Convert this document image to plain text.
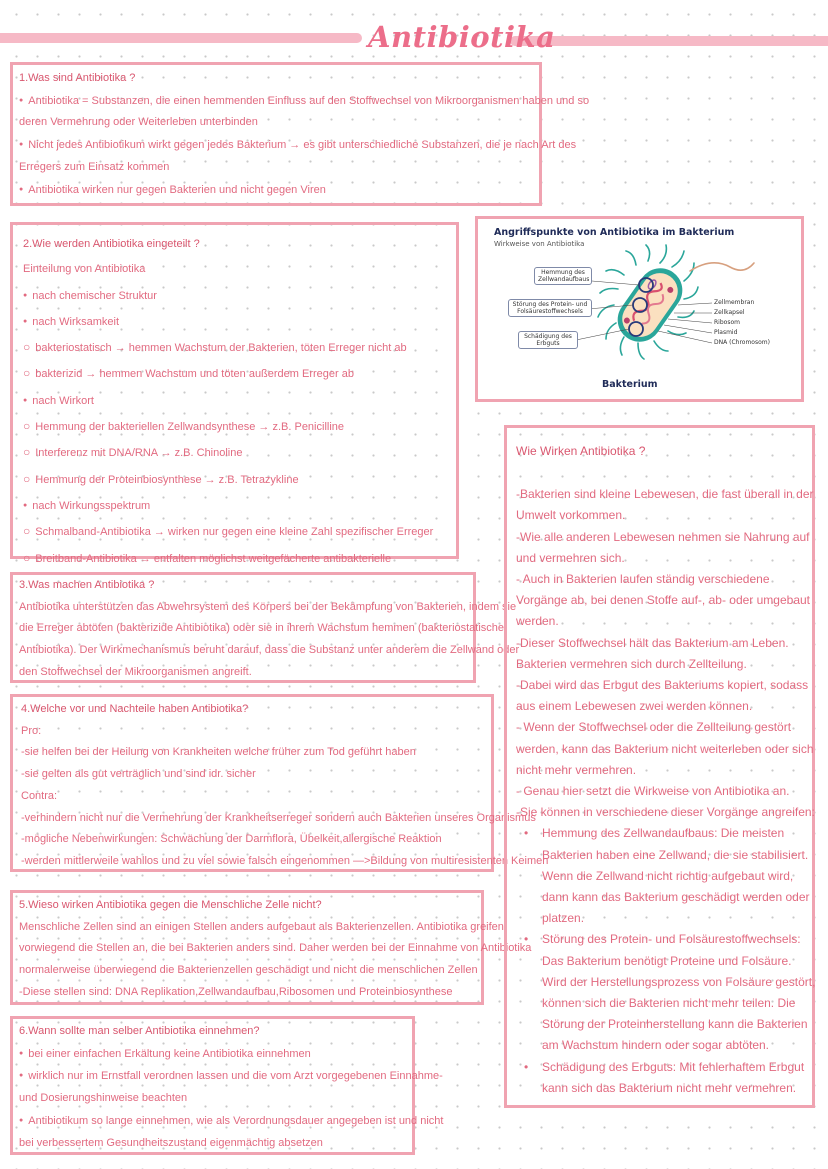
Antibiotika

1.Was sind Antibiotika ?

● Antibiotika = Substanzen, die einen hemmenden Einfluss auf den Stoffwechsel von Mikroorganismen haben und so

deren Vermehrung oder Weiterleben unterbinden

● Nicht jedes Antibiotikum wirkt gegen jedes Bakterium → es gibt unterschiedliche Substanzen, die je nach Art des

Erregers zum Einsatz kommen

● Antibiotika wirken nur gegen Bakterien und nicht gegen Viren

2.Wie werden Antibiotika eingeteilt ?

Einteilung von Antibiotika

● nach chemischer Struktur

● nach Wirksamkeit

○ bakteriostatisch → hemmen Wachstum der Bakterien, töten Erreger nicht ab

○ bakterizid → hemmen Wachstum und töten außerdem Erreger ab

● nach Wirkort

○ Hemmung der bakteriellen Zellwandsynthese → z.B. Penicilline

○ Interferenz mit DNA/RNA → z.B. Chinoline

○ Hemmung der Proteinbiosynthese → z.B. Tetrazykline

● nach Wirkungsspektrum

○ Schmalband-Antibiotika → wirken nur gegen eine kleine Zahl spezifischer Erreger

○ Breitband-Antibiotika → entfalten möglichst weitgefächerte antibakterielle

Angriffspunkte von Antibiotika im Bakterium
Wirkweise von Antibiotika
Hemmung des Zellwandaufbaus
Störung des Protein- und Folsäurestoffwechsels
Schädigung des Erbguts
Zellmembran
Zellkapsel
Ribosom
Plasmid
DNA (Chromosom)
Bakterium

3.Was machen Antibiotika ?

Antibiotika unterstützen das Abwehrsystem des Körpers bei der Bekämpfung von Bakterien, indem sie

die Erreger abtöten (bakterizide Antibiotika) oder sie in ihrem Wachstum hemmen (bakteriostatische

Antibiotika). Der Wirkmechanismus beruht darauf, dass die Substanz unter anderem die Zellwand oder

den Stoffwechsel der Mikroorganismen angreift.

4.Welche vor und Nachteile haben Antibiotika?

Pro:

-sie helfen bei der Heilung von Krankheiten welche früher zum Tod geführt haben

-sie gelten als gut verträglich und sind idr. sicher

Contra:

-verhindern nicht nur die Vermehrung der Krankheitserreger sondern auch Bakterien unseres Organismus

-mögliche Nebenwirkungen: Schwächung der Darmflora, Übelkeit,allergische Reaktion

-werden mittlerweile wahllos und zu viel sowie falsch eingenommen —>Bildung von multiresistenten Keimen

5.Wieso wirken Antibiotika gegen die Menschliche Zelle nicht?

Menschliche Zellen sind an einigen Stellen anders aufgebaut als Bakterienzellen. Antibiotika greifen

vorwiegend die Stellen an, die bei Bakterien anders sind. Daher werden bei der Einnahme von Antibiotika

normalerweise überwiegend die Bakterienzellen geschädigt und nicht die menschlichen Zellen

-Diese stellen sind: DNA Replikation,Zellwandaufbau,Ribosomen und Proteinbiosynthese

6.Wann sollte man selber Antibiotika einnehmen?

● bei einer einfachen Erkältung keine Antibiotika einnehmen

● wirklich nur im Ernstfall verordnen lassen und die vom Arzt vorgegebenen Einnahme-

und Dosierungshinweise beachten

● Antibiotikum so lange einnehmen, wie als Verordnungsdauer angegeben ist und nicht

bei verbessertem Gesundheitszustand eigenmächtig absetzen

Wie Wirken Antibiotika ?

-Bakterien sind kleine Lebewesen, die fast überall in der

Umwelt vorkommen.

-Wie alle anderen Lebewesen nehmen sie Nahrung auf

und vermehren sich.

- Auch in Bakterien laufen ständig verschiedene

Vorgänge ab, bei denen Stoffe auf-, ab- oder umgebaut

werden.

-Dieser Stoffwechsel hält das Bakterium am Leben.

Bakterien vermehren sich durch Zellteilung.

-Dabei wird das Erbgut des Bakteriums kopiert, sodass

aus einem Lebewesen zwei werden können.

- Wenn der Stoffwechsel oder die Zellteilung gestört

werden, kann das Bakterium nicht weiterleben oder sich

nicht mehr vermehren.

- Genau hier setzt die Wirkweise von Antibiotika an.

-Sie können in verschiedene dieser Vorgänge angreifen:

• Hemmung des Zellwandaufbaus: Die meisten

Bakterien haben eine Zellwand, die sie stabilisiert.

Wenn die Zellwand nicht richtig aufgebaut wird,

dann kann das Bakterium geschädigt werden oder

platzen.

• Störung des Protein- und Folsäurestoffwechsels:

Das Bakterium benötigt Proteine und Folsäure.

Wird der Herstellungsprozess von Folsäure gestört,

können sich die Bakterien nicht mehr teilen. Die

Störung der Proteinherstellung kann die Bakterien

am Wachstum hindern oder sogar abtöten.

• Schädigung des Erbguts: Mit fehlerhaftem Erbgut

kann sich das Bakterium nicht mehr vermehren.
